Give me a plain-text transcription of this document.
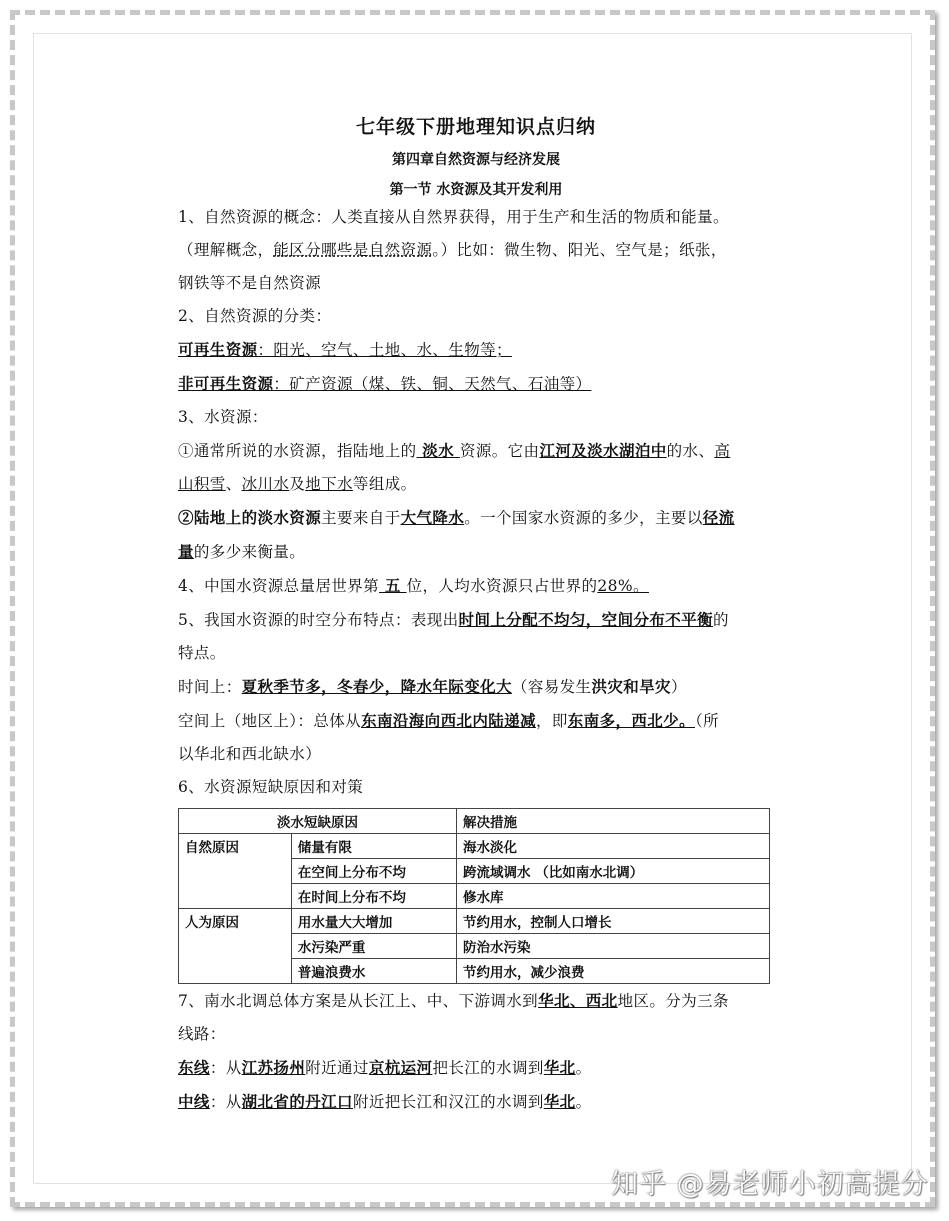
七年级下册地理知识点归纳
第四章自然资源与经济发展
第一节 水资源及其开发利用

1、自然资源的概念：人类直接从自然界获得，用于生产和生活的物质和能量。

（理解概念，能区分哪些是自然资源。）比如：微生物、阳光、空气是；纸张，

钢铁等不是自然资源

2、自然资源的分类：

可再生资源：阳光、空气、土地、水、生物等；

非可再生资源：矿产资源（煤、铁、铜、天然气、石油等）

3、水资源：

①通常所说的水资源，指陆地上的 淡水 资源。它由江河及淡水湖泊中的水、高

山积雪、冰川水及地下水等组成。

②陆地上的淡水资源主要来自于大气降水。一个国家水资源的多少，主要以径流

量的多少来衡量。

4、中国水资源总量居世界第 五 位，人均水资源只占世界的28%。

5、我国水资源的时空分布特点：表现出时间上分配不均匀，空间分布不平衡的

特点。

时间上：夏秋季节多，冬春少，降水年际变化大（容易发生洪灾和旱灾）

空间上（地区上）：总体从东南沿海向西北内陆递减，即东南多，西北少。（所

以华北和西北缺水）

6、水资源短缺原因和对策

淡水短缺原因		解决措施
自然原因	储量有限	海水淡化
	在空间上分布不均	跨流域调水 （比如南水北调）
	在时间上分布不均	修水库
人为原因	用水量大大增加	节约用水，控制人口增长
	水污染严重	防治水污染
	普遍浪费水	节约用水，减少浪费

7、南水北调总体方案是从长江上、中、下游调水到华北、西北地区。分为三条

线路：

东线：从江苏扬州附近通过京杭运河把长江的水调到华北。

中线：从湖北省的丹江口附近把长江和汉江的水调到华北。

知乎 @易老师小初高提分
